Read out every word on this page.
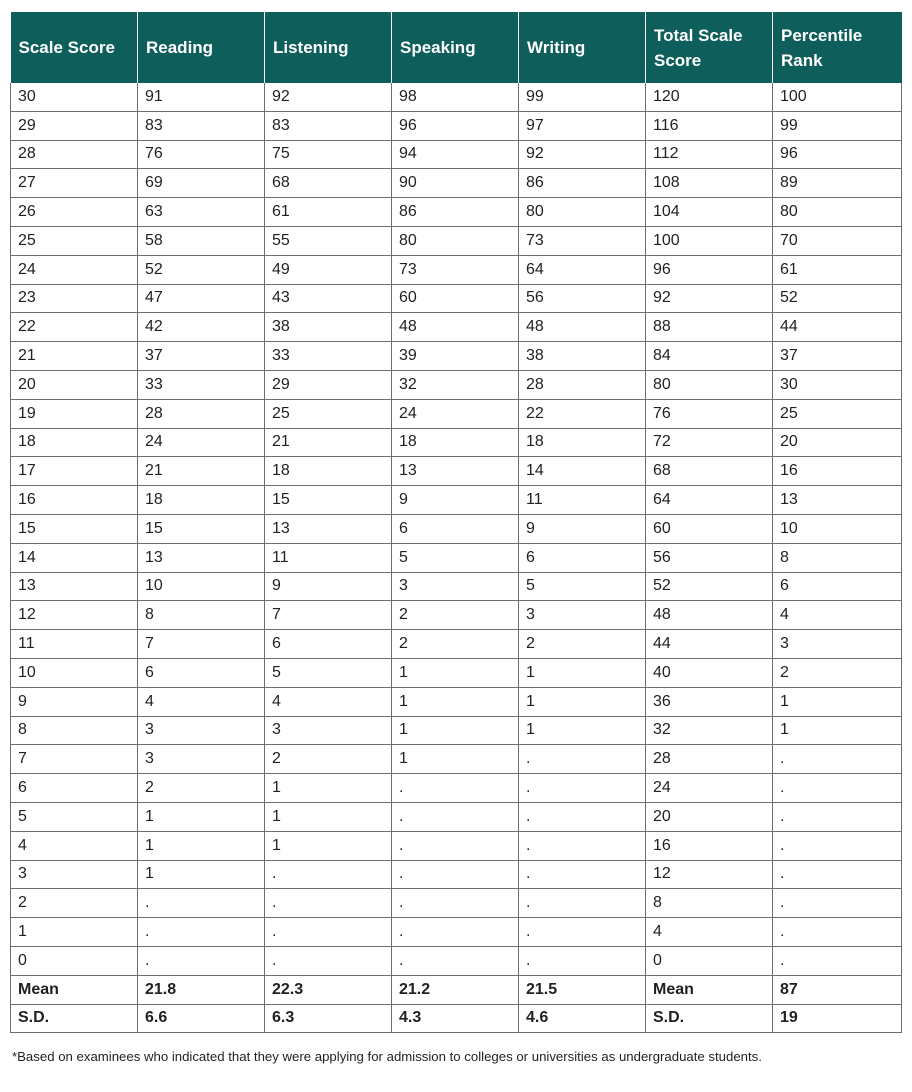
Scale Score	Reading	Listening	Speaking	Writing	Total Scale Score	Percentile Rank
30	91	92	98	99	120	100
29	83	83	96	97	116	99
28	76	75	94	92	112	96
27	69	68	90	86	108	89
26	63	61	86	80	104	80
25	58	55	80	73	100	70
24	52	49	73	64	96	61
23	47	43	60	56	92	52
22	42	38	48	48	88	44
21	37	33	39	38	84	37
20	33	29	32	28	80	30
19	28	25	24	22	76	25
18	24	21	18	18	72	20
17	21	18	13	14	68	16
16	18	15	9	11	64	13
15	15	13	6	9	60	10
14	13	11	5	6	56	8
13	10	9	3	5	52	6
12	8	7	2	3	48	4
11	7	6	2	2	44	3
10	6	5	1	1	40	2
9	4	4	1	1	36	1
8	3	3	1	1	32	1
7	3	2	1	.	28	.
6	2	1	.	.	24	.
5	1	1	.	.	20	.
4	1	1	.	.	16	.
3	1	.	.	.	12	.
2	.	.	.	.	8	.
1	.	.	.	.	4	.
0	.	.	.	.	0	.
Mean	21.8	22.3	21.2	21.5	Mean	87
S.D.	6.6	6.3	4.3	4.6	S.D.	19
*Based on examinees who indicated that they were applying for admission to colleges or universities as undergraduate students.
